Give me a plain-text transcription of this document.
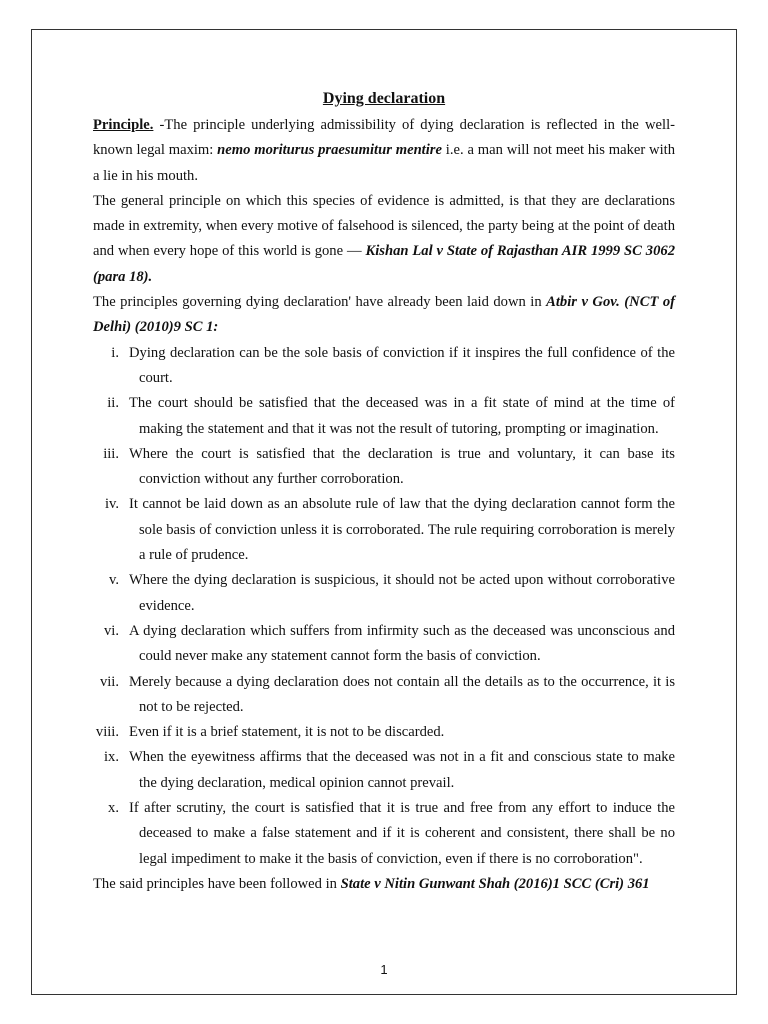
Dying declaration

Principle. -The principle underlying admissibility of dying declaration is reflected in the well-known legal maxim: nemo moriturus praesumitur mentire i.e. a man will not meet his maker with a lie in his mouth.

The general principle on which this species of evidence is admitted, is that they are declarations made in extremity, when every motive of falsehood is silenced, the party being at the point of death and when every hope of this world is gone — Kishan Lal v State of Rajasthan AIR 1999 SC 3062 (para 18).

The principles governing dying declaration' have already been laid down in Atbir v Gov. (NCT of Delhi) (2010)9 SC 1:

i. Dying declaration can be the sole basis of conviction if it inspires the full confidence of the court.
ii. The court should be satisfied that the deceased was in a fit state of mind at the time of making the statement and that it was not the result of tutoring, prompting or imagination.
iii. Where the court is satisfied that the declaration is true and voluntary, it can base its conviction without any further corroboration.
iv. It cannot be laid down as an absolute rule of law that the dying declaration cannot form the sole basis of conviction unless it is corroborated. The rule requiring corroboration is merely a rule of prudence.
v. Where the dying declaration is suspicious, it should not be acted upon without corroborative evidence.
vi. A dying declaration which suffers from infirmity such as the deceased was unconscious and could never make any statement cannot form the basis of conviction.
vii. Merely because a dying declaration does not contain all the details as to the occurrence, it is not to be rejected.
viii. Even if it is a brief statement, it is not to be discarded.
ix. When the eyewitness affirms that the deceased was not in a fit and conscious state to make the dying declaration, medical opinion cannot prevail.
x. If after scrutiny, the court is satisfied that it is true and free from any effort to induce the deceased to make a false statement and if it is coherent and consistent, there shall be no legal impediment to make it the basis of conviction, even if there is no corroboration".

The said principles have been followed in State v Nitin Gunwant Shah (2016)1 SCC (Cri) 361

1
